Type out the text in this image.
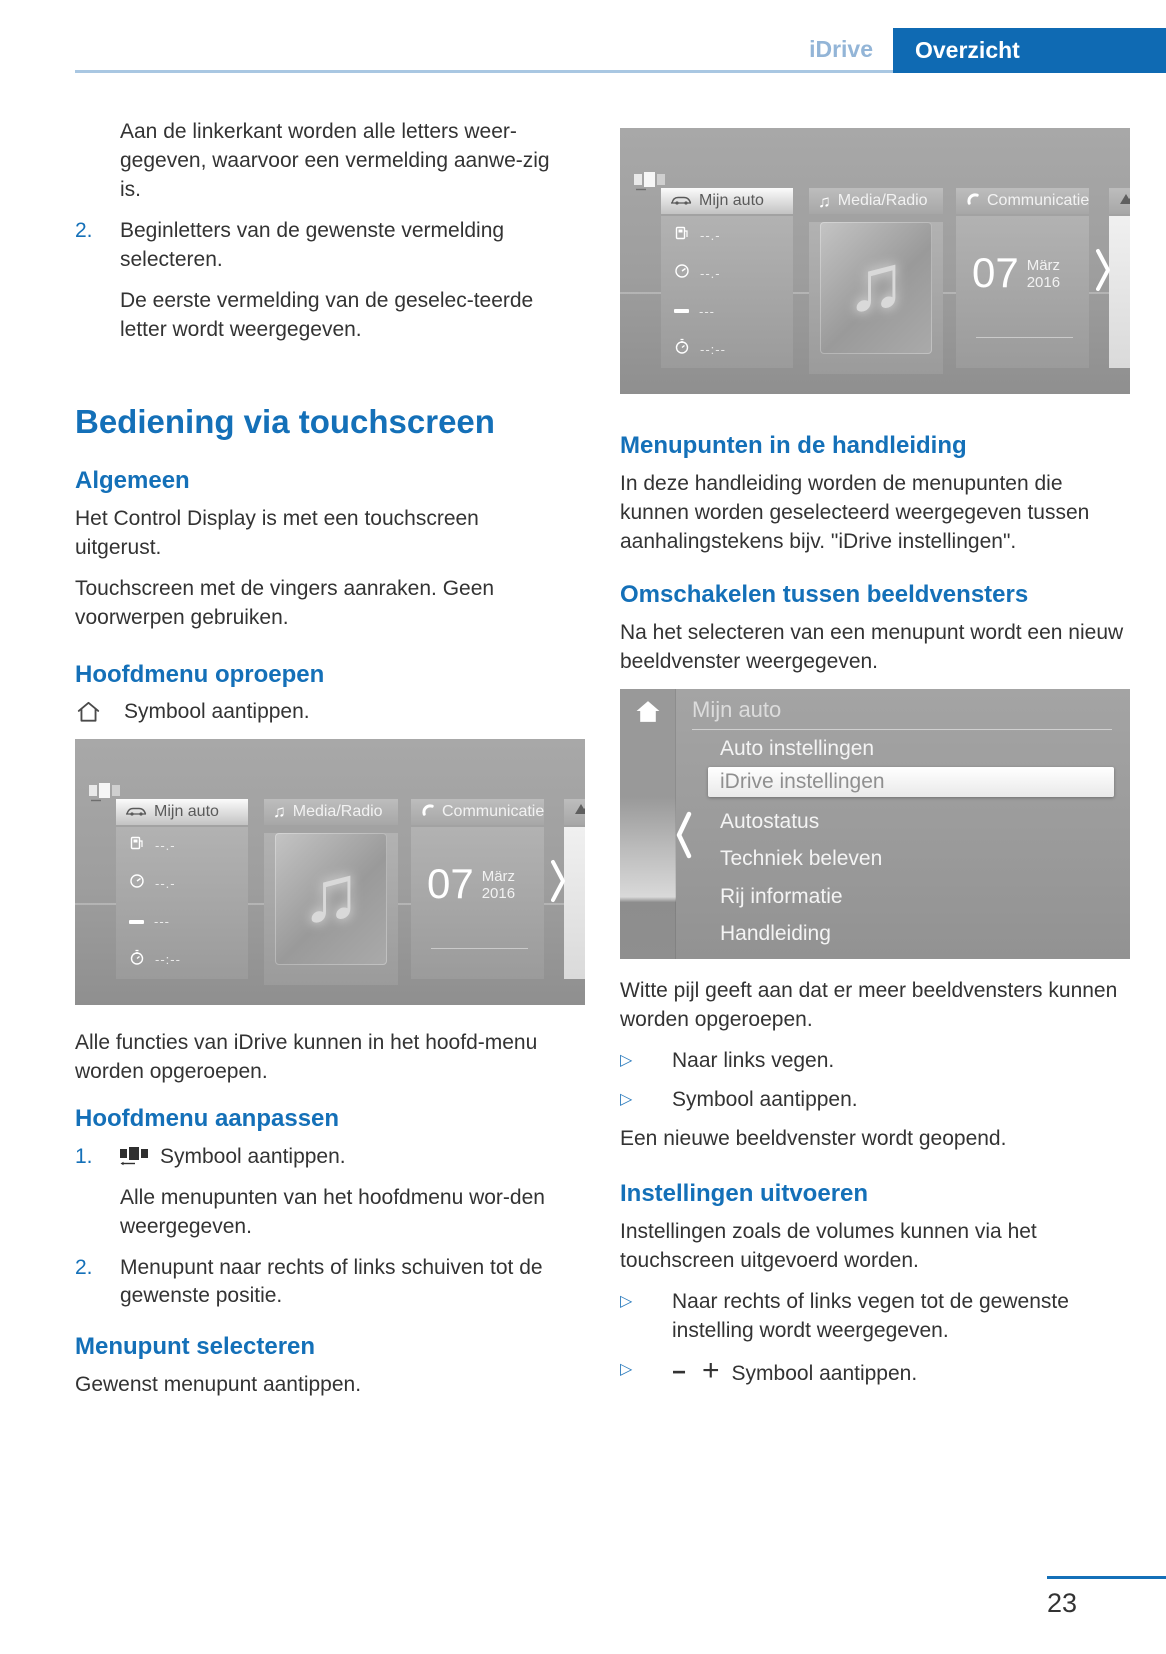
iDrive	Overzicht

Aan de linkerkant worden alle letters weer-gegeven, waarvoor een vermelding aanwe-zig is.

2.	Beginletters van de gewenste vermelding selecteren.

De eerste vermelding van de geselec-teerde letter wordt weergegeven.

Bediening via touchscreen
Algemeen

Het Control Display is met een touchscreen uitgerust.

Touchscreen met de vingers aanraken. Geen voorwerpen gebruiken.

Hoofdmenu oproepen
Symbool aantippen.
Mijn auto
--.-
--.-
---
--:--
♫ Media/Radio
♫
Communicatie
07 März
2016

Alle functies van iDrive kunnen in het hoofd-menu worden opgeroepen.

Hoofdmenu aanpassen
1.	Symbool aantippen.

Alle menupunten van het hoofdmenu wor-den weergegeven.

2.	Menupunt naar rechts of links schuiven tot de gewenste positie.
Menupunt selecteren

Gewenst menupunt aantippen.

Mijn auto
--.-
--.-
---
--:--
♫ Media/Radio
♫
Communicatie
07 März
2016
Menupunten in de handleiding

In deze handleiding worden de menupunten die kunnen worden geselecteerd weergegeven tussen aanhalingstekens bijv. "iDrive instellingen".

Omschakelen tussen beeldvensters

Na het selecteren van een menupunt wordt een nieuw beeldvenster weergegeven.

Mijn auto
Auto instellingen
iDrive instellingen
Autostatus
Techniek beleven
Rij informatie
Handleiding

Witte pijl geeft aan dat er meer beeldvensters kunnen worden opgeroepen.

▷	Naar links vegen.
▷	Symbool aantippen.

Een nieuwe beeldvenster wordt geopend.

Instellingen uitvoeren

Instellingen zoals de volumes kunnen via het touchscreen uitgevoerd worden.

▷	Naar rechts of links vegen tot de gewenste instelling wordt weergegeven.
▷	− + Symbool aantippen.
23
